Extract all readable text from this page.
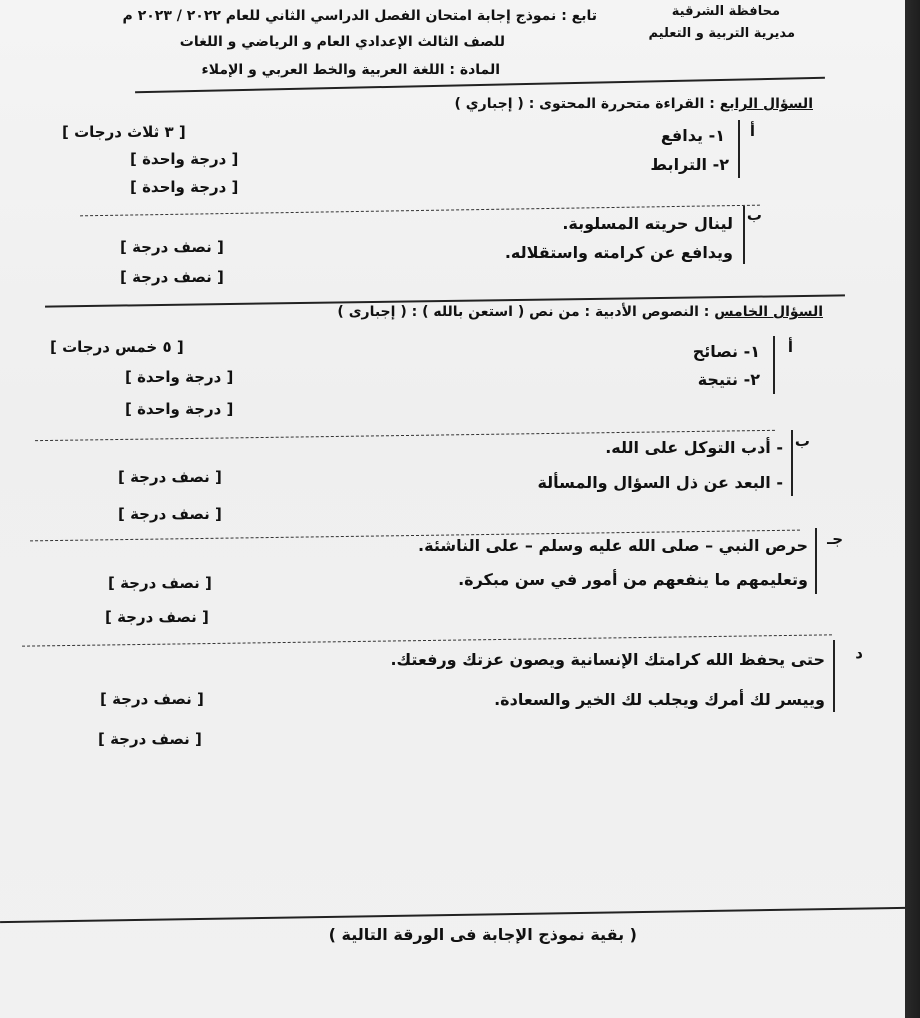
محافظة الشرقية
مديرية التربية و التعليم
تابع : نموذج إجابة امتحان الفصل الدراسي الثاني للعام ٢٠٢٢ / ٢٠٢٣ م
للصف الثالث الإعدادي العام و الرياضي و اللغات
المادة : اللغة العربية والخط العربي و الإملاء
السؤال الرابع : القراءة متحررة المحتوى : ( إجباري )
أ
١- يدافع
٢- الترابط
[ ٣ ثلاث درجات ]
[ درجة واحدة ]
[ درجة واحدة ]
ب
لينال حريته المسلوبة.
ويدافع عن كرامته واستقلاله.
[ نصف درجة ]
[ نصف درجة ]
السؤال الخامس : النصوص الأدبية : من نص ( استعن بالله ) : ( إجبارى )
أ
١- نصائح
٢- نتيجة
[ ٥ خمس درجات ]
[ درجة واحدة ]
[ درجة واحدة ]
ب
- أدب التوكل على الله.
- البعد عن ذل السؤال والمسألة
[ نصف درجة ]
[ نصف درجة ]
جـ
حرص النبي – صلى الله عليه وسلم – على الناشئة.
وتعليمهم ما ينفعهم من أمور في سن مبكرة.
[ نصف درجة ]
[ نصف درجة ]
د
حتى يحفظ الله كرامتك الإنسانية ويصون عزتك ورفعتك.
وييسر لك أمرك ويجلب لك الخير والسعادة.
[ نصف درجة ]
[ نصف درجة ]
( بقية نموذج الإجابة فى الورقة التالية )
